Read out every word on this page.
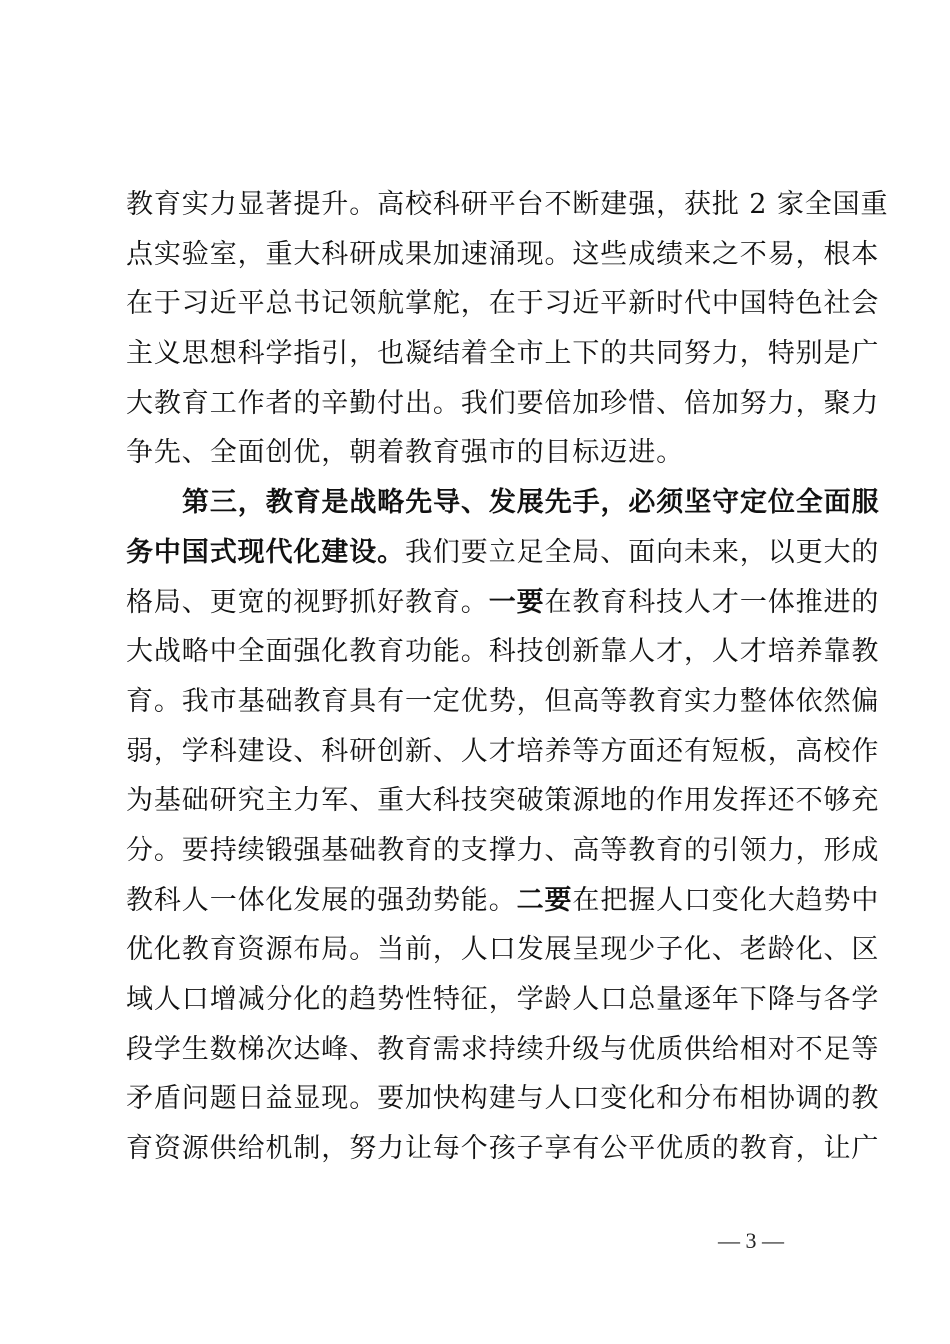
教育实力显著提升。高校科研平台不断建强，获批 2 家全国重
点实验室，重大科研成果加速涌现。这些成绩来之不易，根本
在于习近平总书记领航掌舵，在于习近平新时代中国特色社会
主义思想科学指引，也凝结着全市上下的共同努力，特别是广
大教育工作者的辛勤付出。我们要倍加珍惜、倍加努力，聚力
争先、全面创优，朝着教育强市的目标迈进。
第三，教育是战略先导、发展先手，必须坚守定位全面服
务中国式现代化建设。我们要立足全局、面向未来，以更大的
格局、更宽的视野抓好教育。一要在教育科技人才一体推进的
大战略中全面强化教育功能。科技创新靠人才，人才培养靠教
育。我市基础教育具有一定优势，但高等教育实力整体依然偏
弱，学科建设、科研创新、人才培养等方面还有短板，高校作
为基础研究主力军、重大科技突破策源地的作用发挥还不够充
分。要持续锻强基础教育的支撑力、高等教育的引领力，形成
教科人一体化发展的强劲势能。二要在把握人口变化大趋势中
优化教育资源布局。当前，人口发展呈现少子化、老龄化、区
域人口增减分化的趋势性特征，学龄人口总量逐年下降与各学
段学生数梯次达峰、教育需求持续升级与优质供给相对不足等
矛盾问题日益显现。要加快构建与人口变化和分布相协调的教
育资源供给机制，努力让每个孩子享有公平优质的教育，让广
— 3 —
